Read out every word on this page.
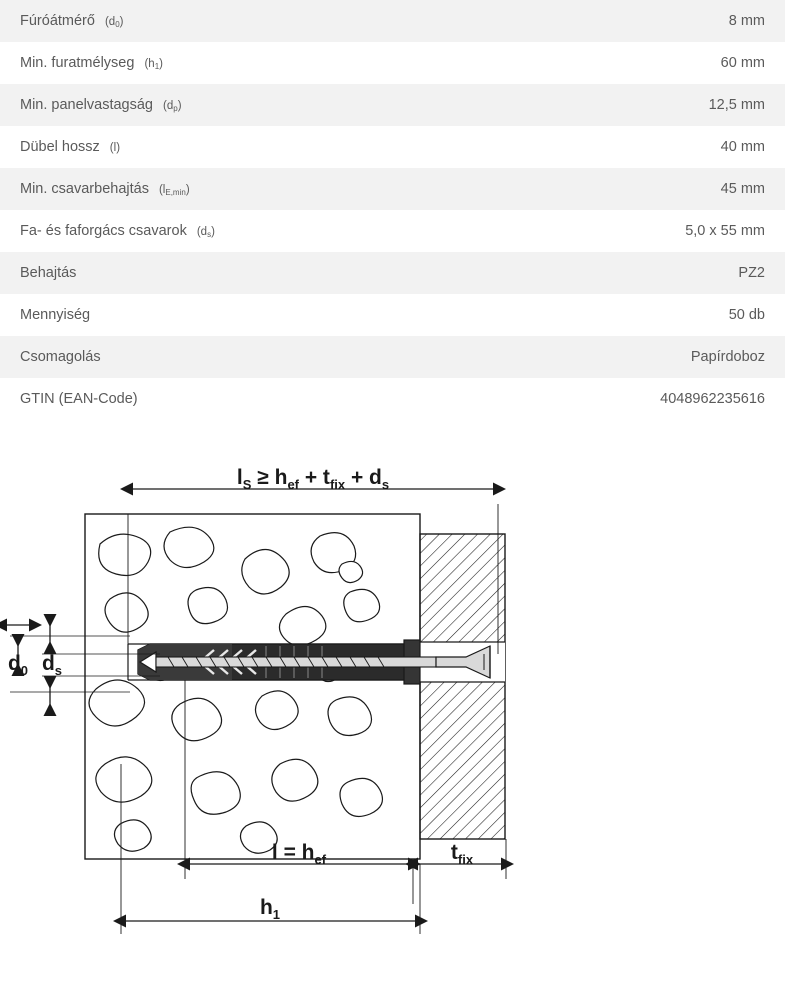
Fúróátmérő $(d_0)$	8 mm
Min. furatmélyseg $(h_1)$	60 mm
Min. panelvastagság $(d_p)$	12,5 mm
Dübel hossz (l)	40 mm
Min. csavarbehajtás $(l_{E,min})$	45 mm
Fa- és faforgács csavarok $(d_s)$	5,0 x 55 mm
Behajtás	PZ2
Mennyiség	50 db
Csomagolás	Papírdoboz
GTIN (EAN-Code)	4048962235616
$l_S \ge h_{ef} + t_{fix} + d_s$
$d_0$ $d_s$
$l = h_{ef}$	$t_{fix}$
$h_1$
